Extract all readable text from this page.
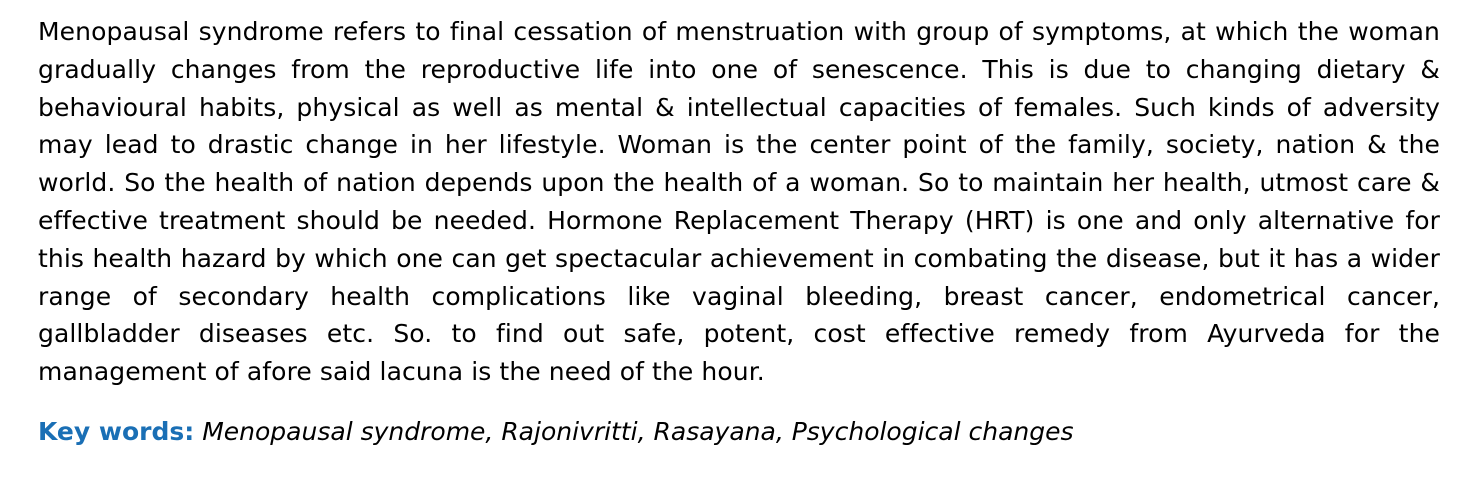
Menopausal syndrome refers to final cessation of menstruation with group of symptoms, at which the woman gradually changes from the reproductive life into one of senescence. This is due to changing dietary & behavioural habits, physical as well as mental & intellectual capacities of females. Such kinds of adversity may lead to drastic change in her lifestyle. Woman is the center point of the family, society, nation & the world. So the health of nation depends upon the health of a woman. So to maintain her health, utmost care & effective treatment should be needed. Hormone Replacement Therapy (HRT) is one and only alternative for this health hazard by which one can get spectacular achievement in combating the disease, but it has a wider range of secondary health complications like vaginal bleeding, breast cancer, endometrical cancer, gallbladder diseases etc. So. to find out safe, potent, cost effective remedy from Ayurveda for the management of afore said lacuna is the need of the hour.

Key words: Menopausal syndrome, Rajonivritti, Rasayana, Psychological changes
